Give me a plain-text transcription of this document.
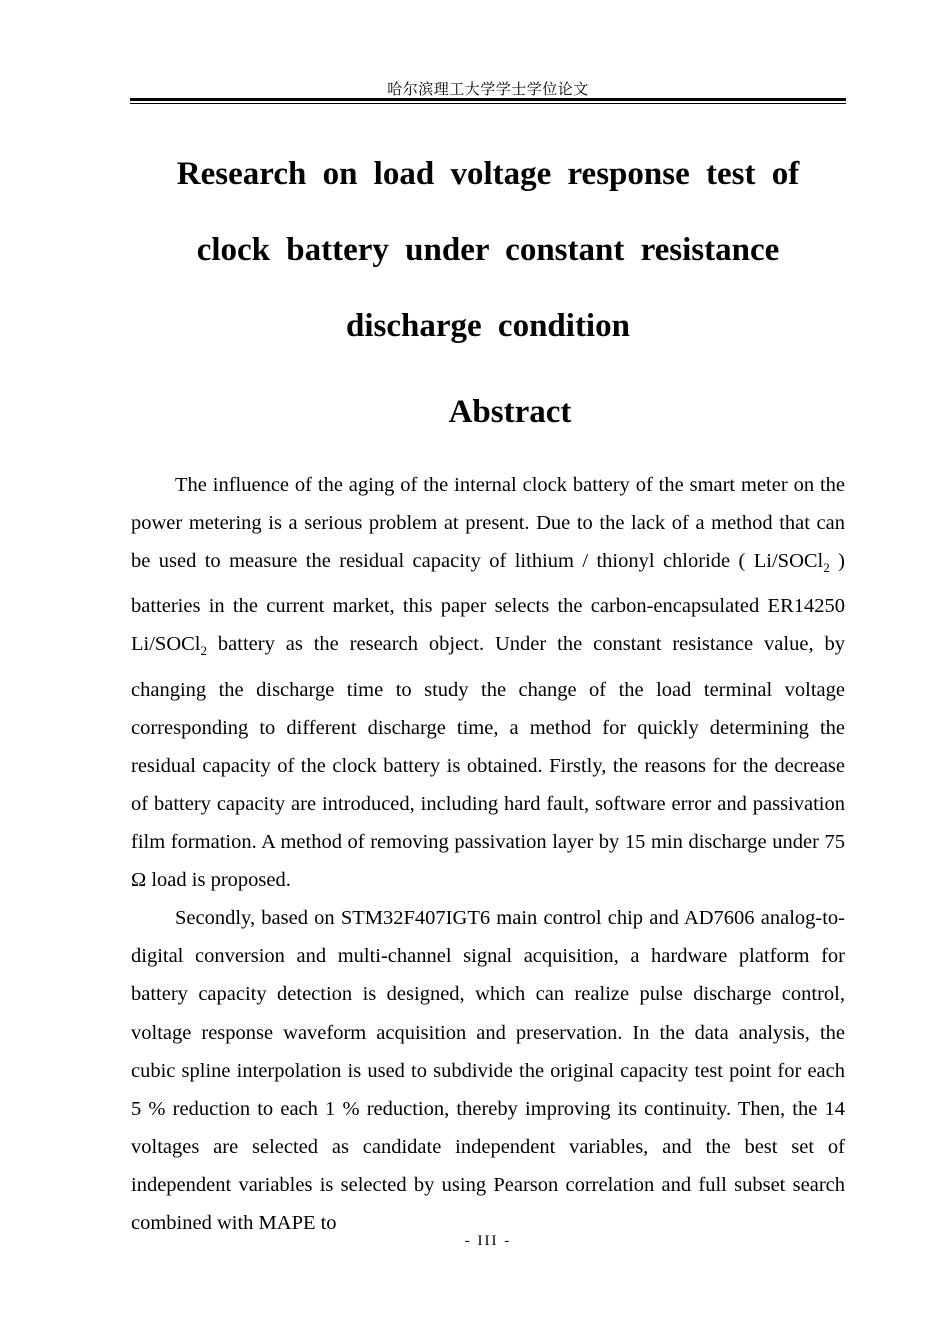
哈尔滨理工大学学士学位论文
Research on load voltage response test of
clock battery under constant resistance
discharge condition
Abstract

The influence of the aging of the internal clock battery of the smart meter on the power metering is a serious problem at present. Due to the lack of a method that can be used to measure the residual capacity of lithium / thionyl chloride ( Li/SOCl$_2$ ) batteries in the current market, this paper selects the carbon-encapsulated ER14250 Li/SOCl$_2$ battery as the research object. Under the constant resistance value, by changing the discharge time to study the change of the load terminal voltage corresponding to different discharge time, a method for quickly determining the residual capacity of the clock battery is obtained. Firstly, the reasons for the decrease of battery capacity are introduced, including hard fault, software error and passivation film formation. A method of removing passivation layer by 15 min discharge under 75 Ω load is proposed.

Secondly, based on STM32F407IGT6 main control chip and AD7606 analog-to-digital conversion and multi-channel signal acquisition, a hardware platform for battery capacity detection is designed, which can realize pulse discharge control, voltage response waveform acquisition and preservation. In the data analysis, the cubic spline interpolation is used to subdivide the original capacity test point for each 5 % reduction to each 1 % reduction, thereby improving its continuity. Then, the 14 voltages are selected as candidate independent variables, and the best set of independent variables is selected by using Pearson correlation and full subset search combined with MAPE to

- III -
